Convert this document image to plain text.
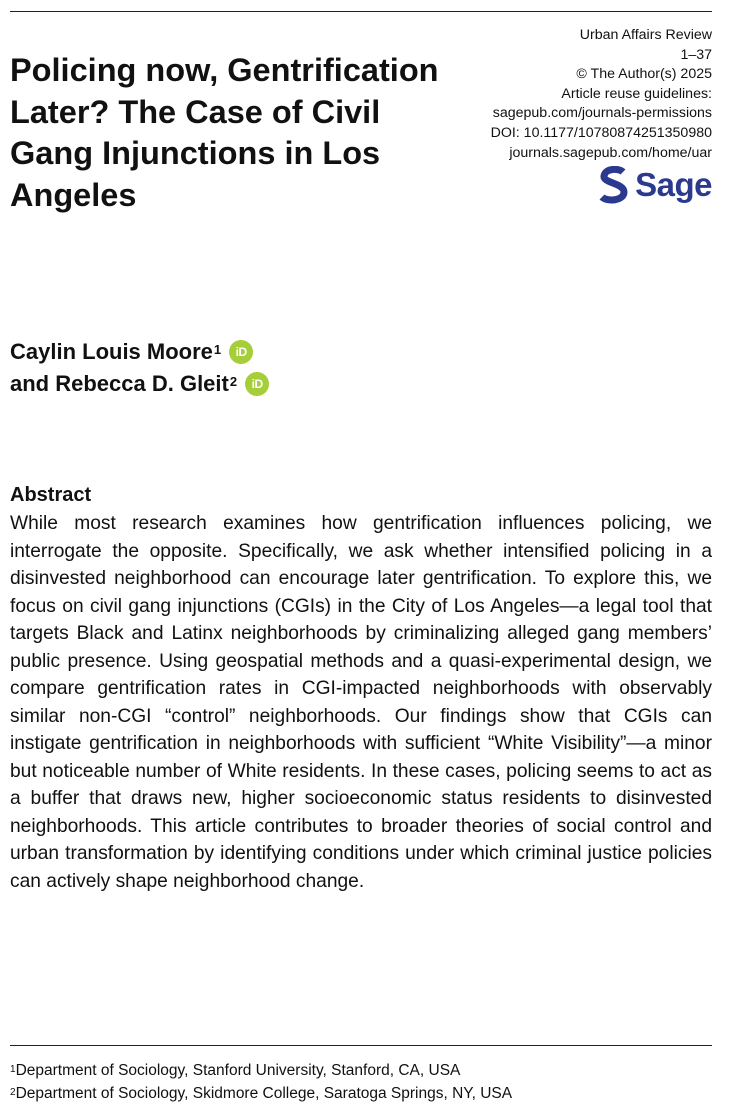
Urban Affairs Review
1–37
© The Author(s) 2025
Article reuse guidelines:
sagepub.com/journals-permissions
DOI: 10.1177/10780874251350980
journals.sagepub.com/home/uar
Sage
Policing now, Gentrification Later? The Case of Civil Gang Injunctions in Los Angeles
Caylin Louis Moore$^1$	iD
and Rebecca D. Gleit$^2$	iD
Abstract

While most research examines how gentrification influences policing, we interrogate the opposite. Specifically, we ask whether intensified policing in a disinvested neighborhood can encourage later gentrification. To explore this, we focus on civil gang injunctions (CGIs) in the City of Los Angeles—a legal tool that targets Black and Latinx neighborhoods by criminalizing alleged gang members’ public presence. Using geospatial methods and a quasi-experimental design, we compare gentrification rates in CGI-impacted neighborhoods with observably similar non-CGI “control” neighborhoods. Our findings show that CGIs can instigate gentrification in neighborhoods with sufficient “White Visibility”—a minor but noticeable number of White residents. In these cases, policing seems to act as a buffer that draws new, higher socioeconomic status residents to disinvested neighborhoods. This article contributes to broader theories of social control and urban transformation by identifying conditions under which criminal justice policies can actively shape neighborhood change.

$^1$Department of Sociology, Stanford University, Stanford, CA, USA
$^2$Department of Sociology, Skidmore College, Saratoga Springs, NY, USA
